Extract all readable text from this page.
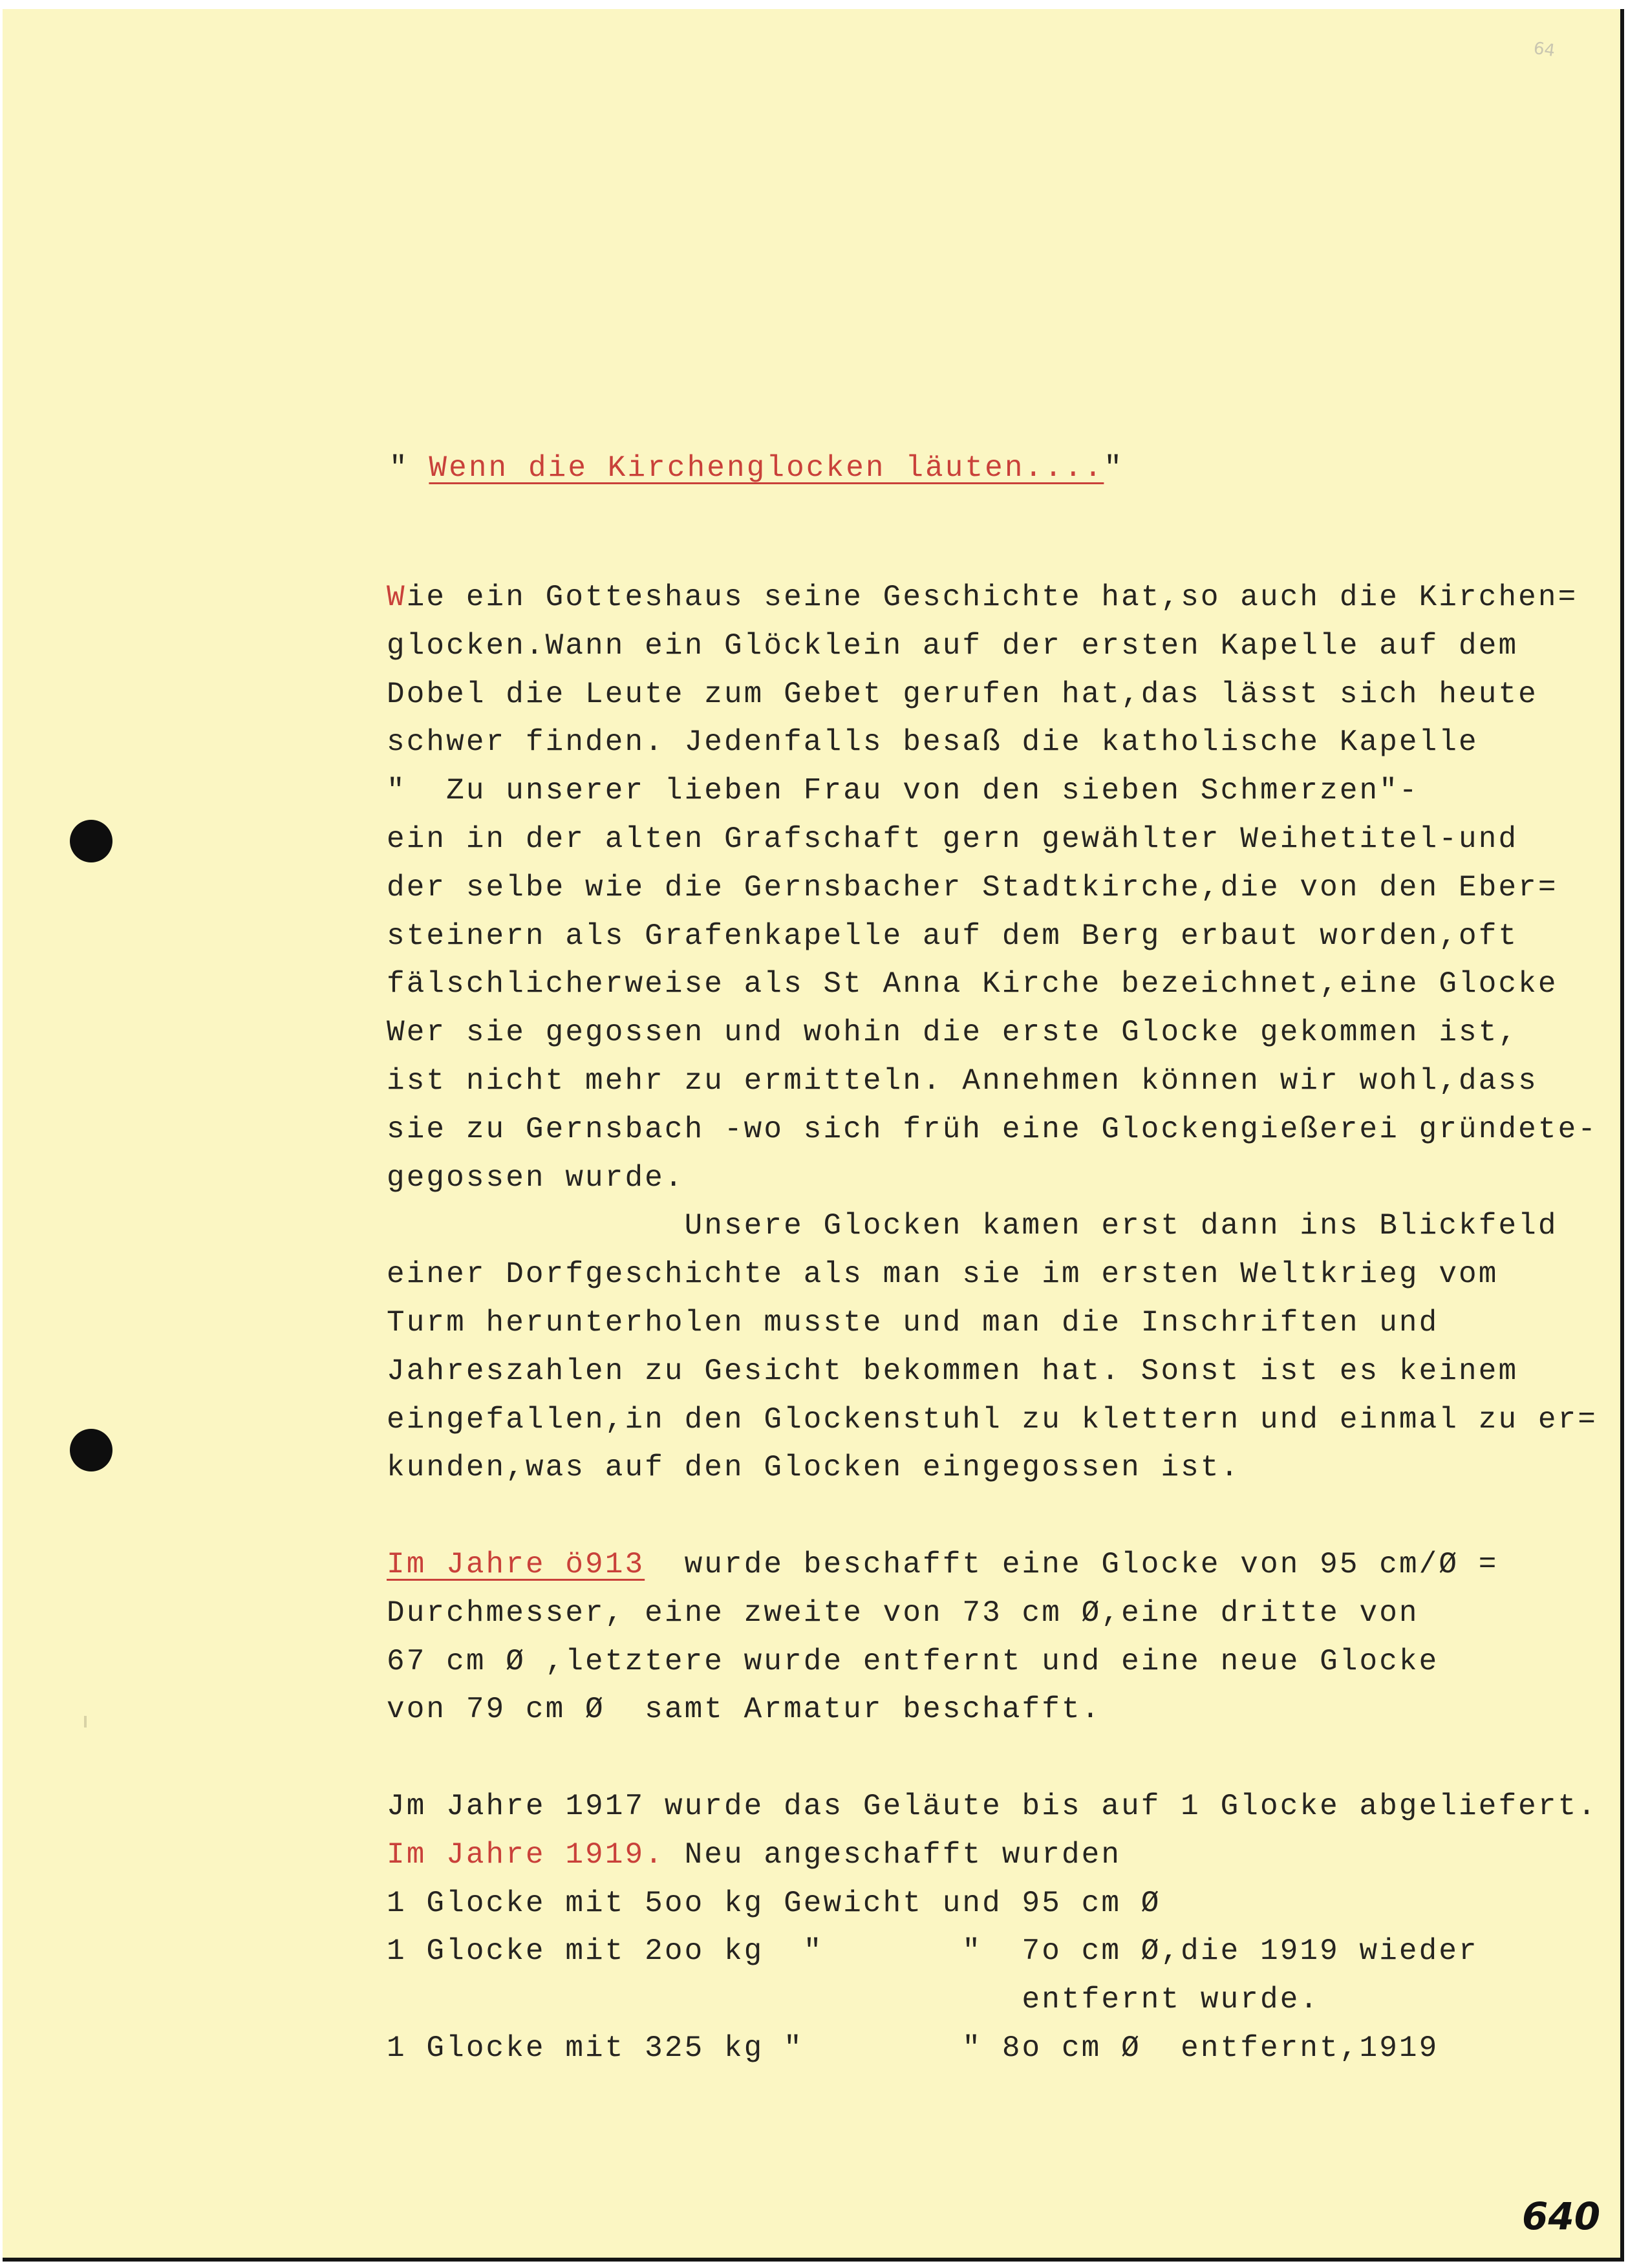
64
" Wenn die Kirchenglocken läuten...."
Wie ein Gotteshaus seine Geschichte hat,so auch die Kirchen=
glocken.Wann ein Glöcklein auf der ersten Kapelle auf dem
Dobel die Leute zum Gebet gerufen hat,das lässt sich heute
schwer finden. Jedenfalls besaß die katholische Kapelle
"  Zu unserer lieben Frau von den sieben Schmerzen"-
ein in der alten Grafschaft gern gewählter Weihetitel-und
der selbe wie die Gernsbacher Stadtkirche,die von den Eber=
steinern als Grafenkapelle auf dem Berg erbaut worden,oft
fälschlicherweise als St Anna Kirche bezeichnet,eine Glocke
Wer sie gegossen und wohin die erste Glocke gekommen ist,
ist nicht mehr zu ermitteln. Annehmen können wir wohl,dass
sie zu Gernsbach -wo sich früh eine Glockengießerei gründete-
gegossen wurde.
Unsere Glocken kamen erst dann ins Blickfeld
einer Dorfgeschichte als man sie im ersten Weltkrieg vom
Turm herunterholen musste und man die Inschriften und
Jahreszahlen zu Gesicht bekommen hat. Sonst ist es keinem
eingefallen,in den Glockenstuhl zu klettern und einmal zu er=
kunden,was auf den Glocken eingegossen ist.
Im Jahre ö913  wurde beschafft eine Glocke von 95 cm/Ø =
Durchmesser, eine zweite von 73 cm Ø,eine dritte von
67 cm Ø ,letztere wurde entfernt und eine neue Glocke
von 79 cm Ø  samt Armatur beschafft.
Jm Jahre 1917 wurde das Geläute bis auf 1 Glocke abgeliefert.
Im Jahre 1919. Neu angeschafft wurden
1 Glocke mit 5oo kg Gewicht und 95 cm Ø
1 Glocke mit 2oo kg  "       "  7o cm Ø,die 1919 wieder
entfernt wurde.
1 Glocke mit 325 kg "        " 8o cm Ø  entfernt,1919
640
